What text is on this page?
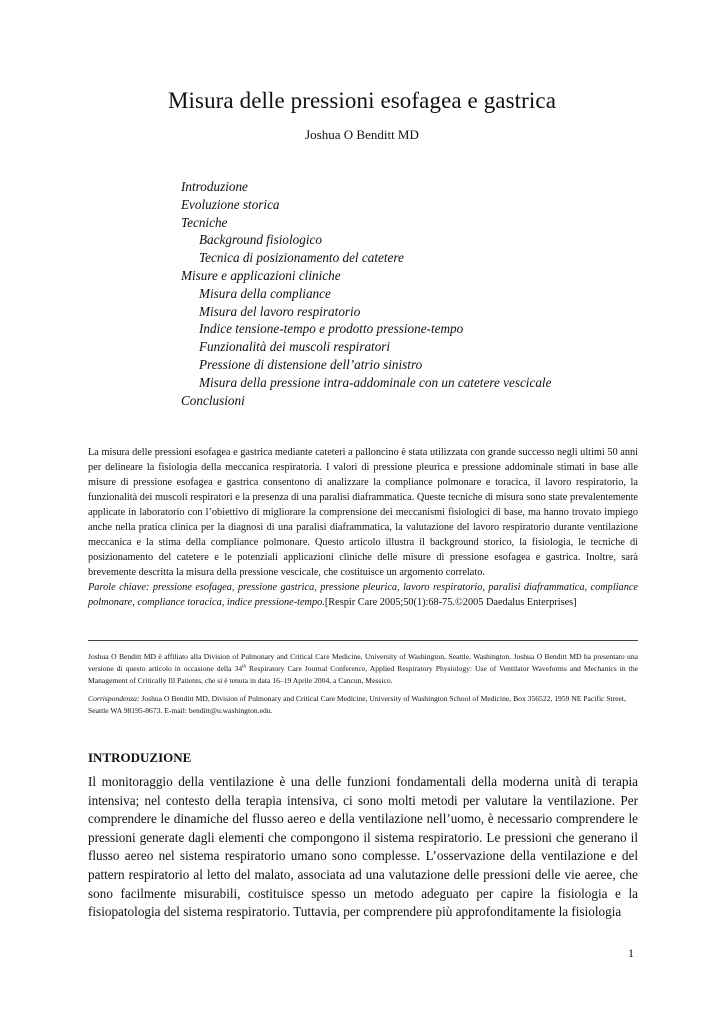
Misura delle pressioni esofagea e gastrica
Joshua O Benditt MD
Introduzione
Evoluzione storica
Tecniche
Background fisiologico
Tecnica di posizionamento del catetere
Misure e applicazioni cliniche
Misura della compliance
Misura del lavoro respiratorio
Indice tensione-tempo e prodotto pressione-tempo
Funzionalità dei muscoli respiratori
Pressione di distensione dell’atrio sinistro
Misura della pressione intra-addominale con un catetere vescicale
Conclusioni

La misura delle pressioni esofagea e gastrica mediante cateteri a palloncino è stata utilizzata con grande successo negli ultimi 50 anni per delineare la fisiologia della meccanica respiratoria. I valori di pressione pleurica e pressione addominale stimati in base alle misure di pressione esofagea e gastrica consentono di analizzare la compliance polmonare e toracica, il lavoro respiratorio, la funzionalità dei muscoli respiratori e la presenza di una paralisi diaframmatica. Queste tecniche di misura sono state prevalentemente applicate in laboratorio con l’obiettivo di migliorare la comprensione dei meccanismi fisiologici di base, ma hanno trovato impiego anche nella pratica clinica per la diagnosi di una paralisi diaframmatica, la valutazione del lavoro respiratorio durante ventilazione meccanica e la stima della compliance polmonare. Questo articolo illustra il background storico, la fisiologia, le tecniche di posizionamento del catetere e le potenziali applicazioni cliniche delle misure di pressione esofagea e gastrica. Inoltre, sarà brevemente descritta la misura della pressione vescicale, che costituisce un argomento correlato.

Parole chiave: pressione esofagea, pressione gastrica, pressione pleurica, lavoro respiratorio, paralisi diaframmatica, compliance polmonare, compliance toracica, indice pressione-tempo.[Respir Care 2005;50(1):68-75.©2005 Daedalus Enterprises]

Joshua O Benditt MD è affiliato alla Division of Pulmonary and Critical Care Medicine, University of Washington, Seattle, Washington. Joshua O Benditt MD ha presentato una versione di questo articolo in occasione della 34th Respiratory Care Journal Conference, Applied Respiratory Physiology: Use of Ventilator Waveforms and Mechanics in the Management of Critically Ill Patients, che si è tenuta in data 16–19 Aprile 2004, a Cancun, Messico.

Corrispondenza: Joshua O Benditt MD, Division of Pulmonary and Critical Care Medicine, University of Washington School of Medicine, Box 356522, 1959 NE Pacific Street, Seattle WA 98195-8673. E-mail: benditt@u.washington.edu.

INTRODUZIONE

Il monitoraggio della ventilazione è una delle funzioni fondamentali della moderna unità di terapia intensiva; nel contesto della terapia intensiva, ci sono molti metodi per valutare la ventilazione. Per comprendere le dinamiche del flusso aereo e della ventilazione nell’uomo, è necessario comprendere le pressioni generate dagli elementi che compongono il sistema respiratorio. Le pressioni che generano il flusso aereo nel sistema respiratorio umano sono complesse. L’osservazione della ventilazione e del pattern respiratorio al letto del malato, associata ad una valutazione delle pressioni delle vie aeree, che sono facilmente misurabili, costituisce spesso un metodo adeguato per capire la fisiologia e la fisiopatologia del sistema respiratorio. Tuttavia, per comprendere più approfonditamente la fisiologia

1
